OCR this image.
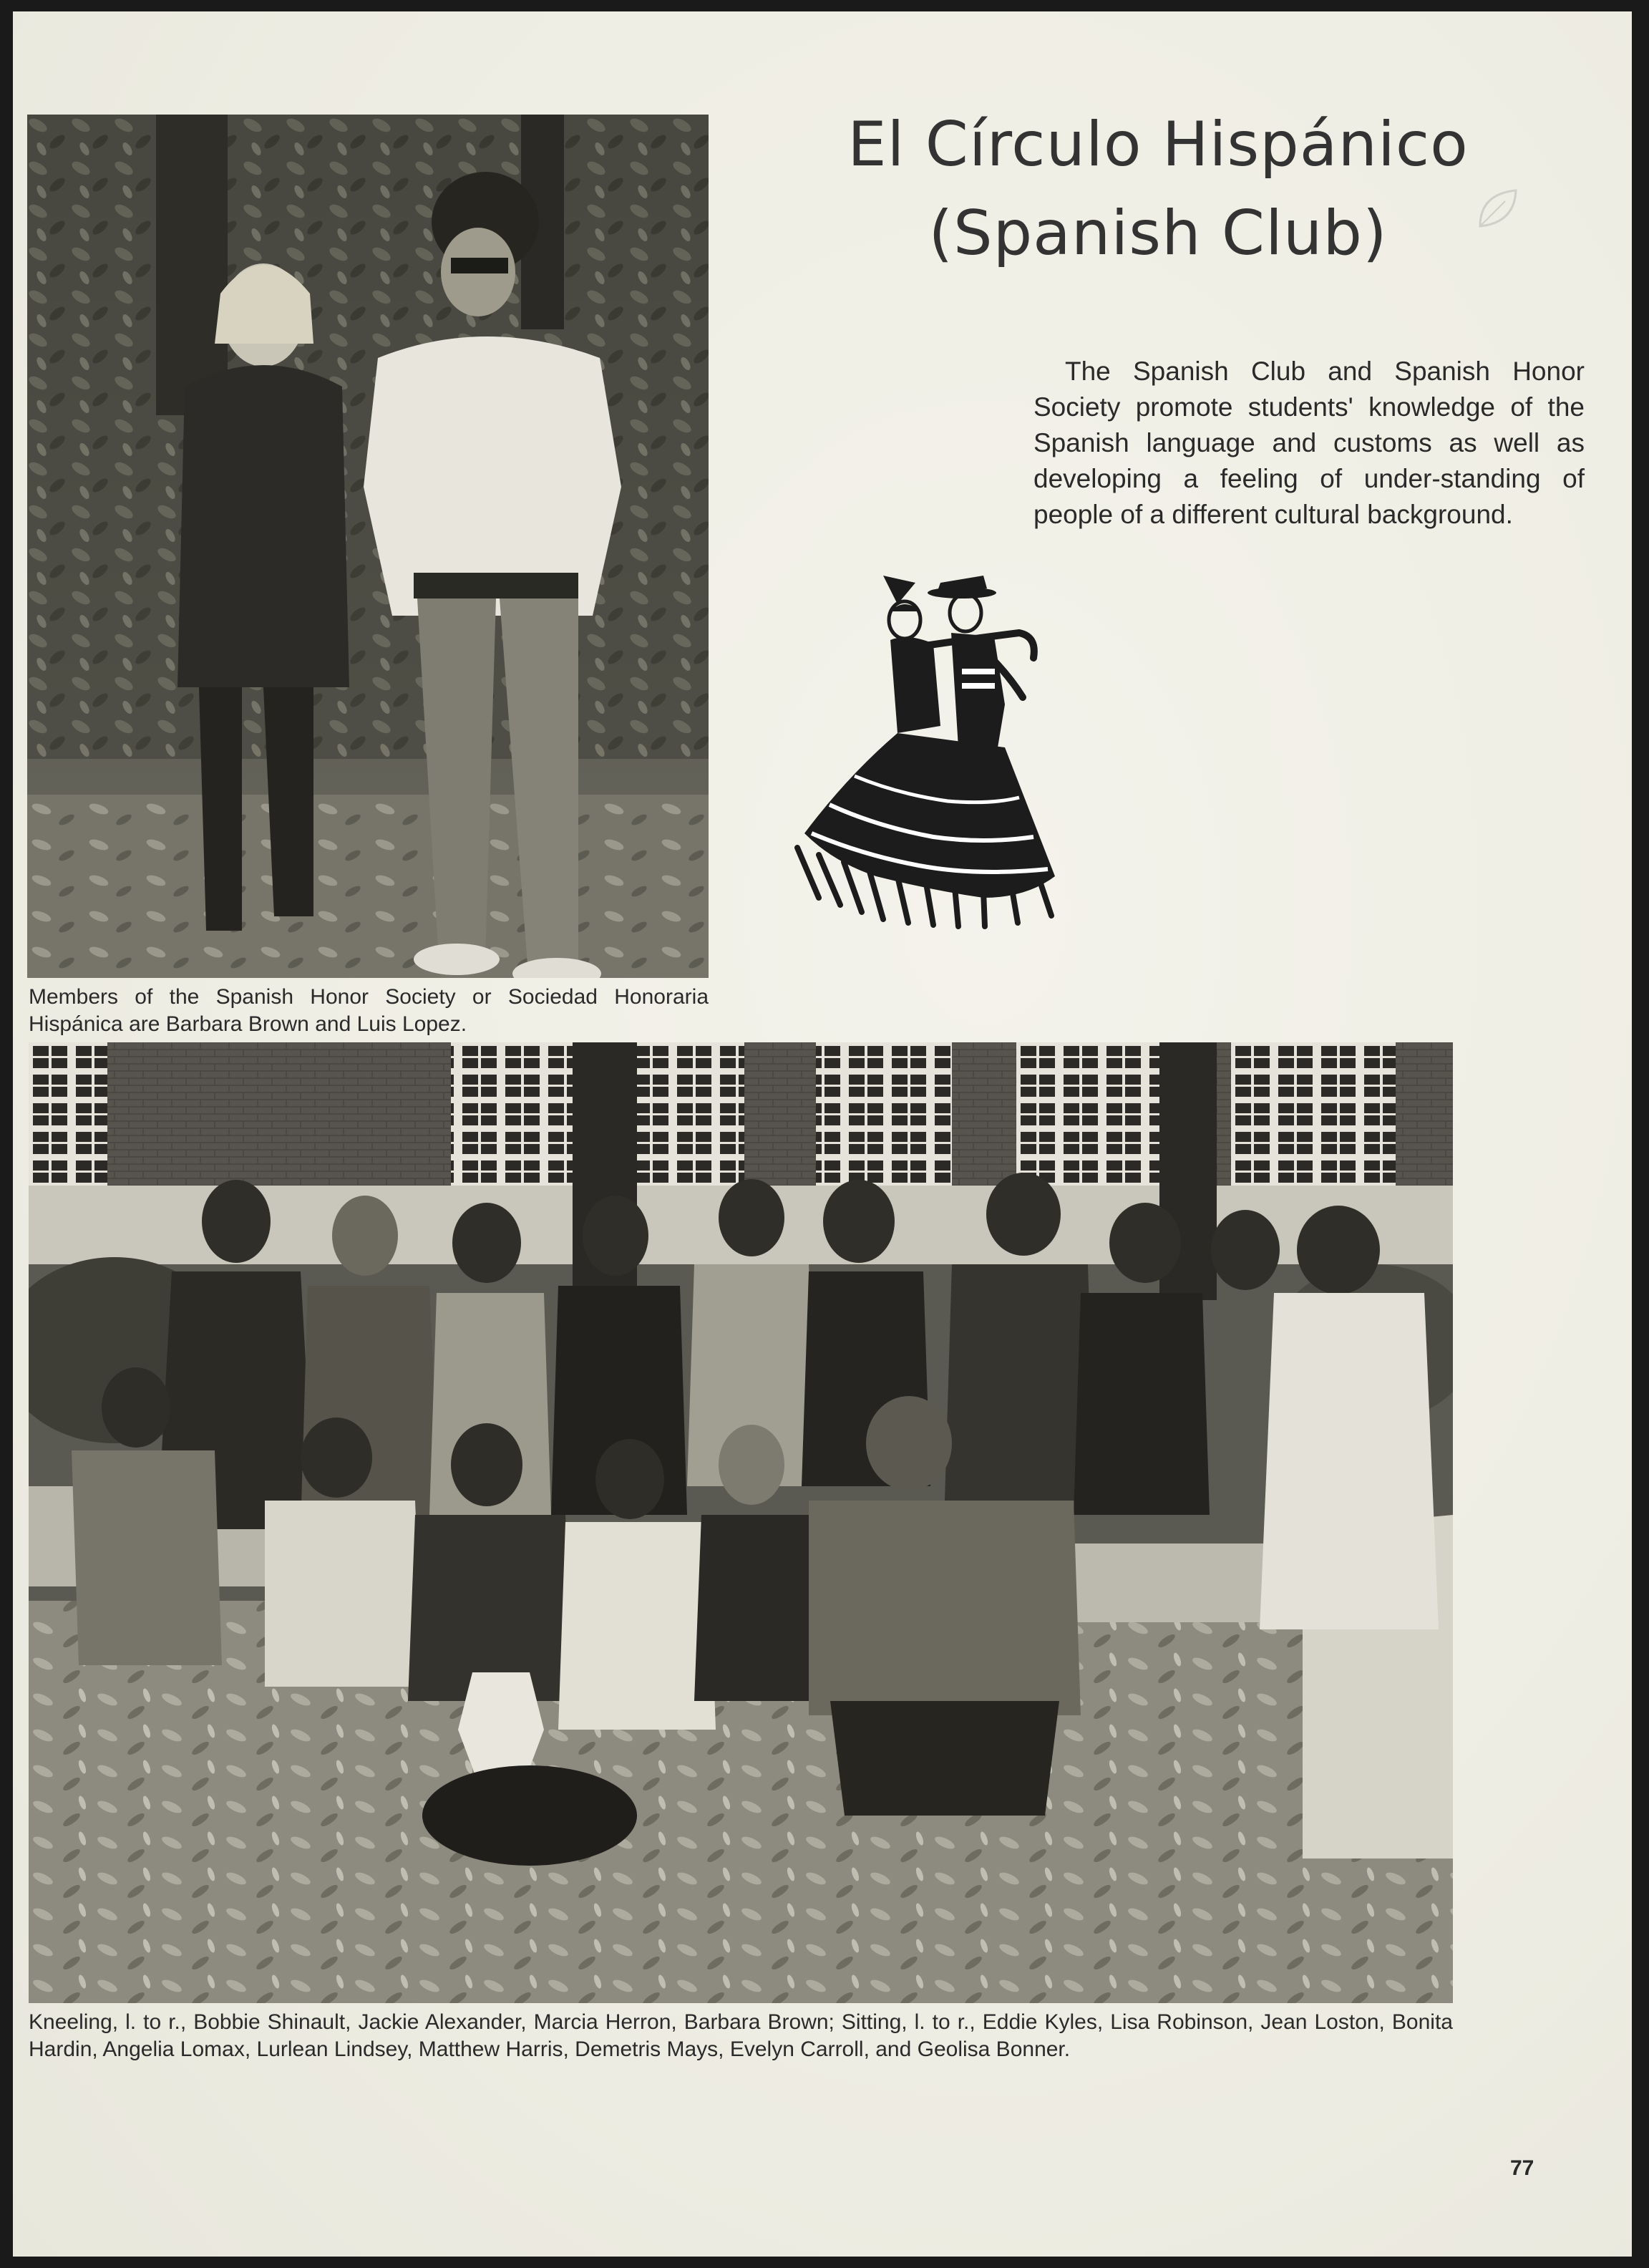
Members of the Spanish Honor Society or Sociedad Honoraria Hispánica are Barbara Brown and Luis Lopez.
El Círculo Hispánico
(Spanish Club)
The Spanish Club and Spanish Honor Society promote students' knowledge of the Spanish language and customs as well as developing a feeling of under-standing of people of a different cultural background.
Kneeling, l. to r., Bobbie Shinault, Jackie Alexander, Marcia Herron, Barbara Brown; Sitting, l. to r., Eddie Kyles, Lisa Robinson, Jean Loston, Bonita Hardin, Angelia Lomax, Lurlean Lindsey, Matthew Harris, Demetris Mays, Evelyn Carroll, and Geolisa Bonner.
77
